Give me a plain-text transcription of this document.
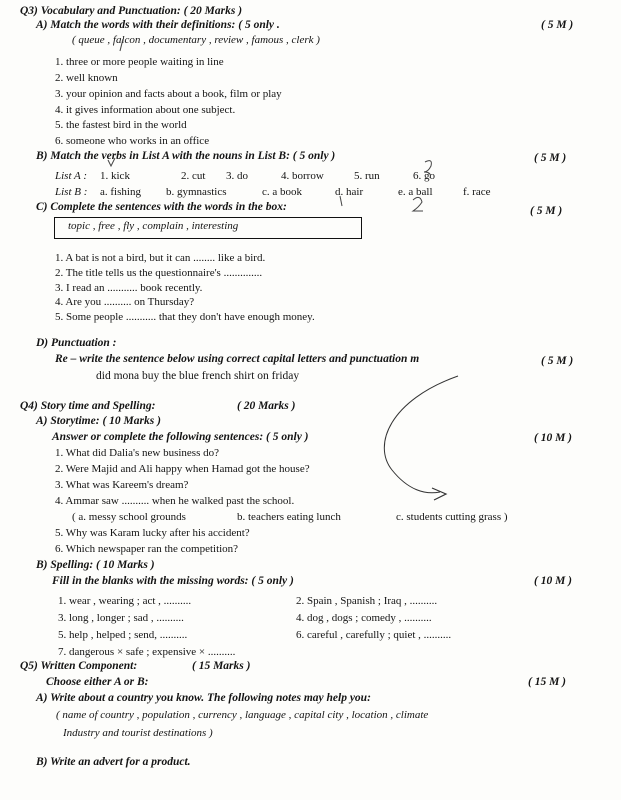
Q3) Vocabulary and Punctuation: ( 20 Marks )
A) Match the words with their definitions: ( 5 only .	( 5 M )
( queue , falcon , documentary , review , famous , clerk )
1. three or more people waiting in line
2. well known
3. your opinion and facts about a book, film or play
4. it gives information about one subject.
5. the fastest bird in the world
6. someone who works in an office
B) Match the verbs in List A with the nouns in List B: ( 5 only )	( 5 M )
List A : 1. kick	2. cut 3. do	4. borrow	5. run	6. go
List B : a. fishing b. gymnastics	c. a book	d. hair	e. a ball	f. race
C) Complete the sentences with the words in the box:	( 5 M )
topic , free , fly , complain , interesting
1. A bat is not a bird, but it can ........ like a bird.
2. The title tells us the questionnaire's ..............
3. I read an ........... book recently.
4. Are you .......... on Thursday?
5. Some people ........... that they don't have enough money.
D) Punctuation :
Re – write the sentence below using correct capital letters and punctuation m	( 5 M )
did mona buy the blue french shirt on friday
Q4) Story time and Spelling:	( 20 Marks )
A) Storytime: ( 10 Marks )
Answer or complete the following sentences: ( 5 only )	( 10 M )
1. What did Dalia's new business do?
2. Were Majid and Ali happy when Hamad got the house?
3. What was Kareem's dream?
4. Ammar saw .......... when he walked past the school.
( a. messy school grounds	b. teachers eating lunch	c. students cutting grass )
5. Why was Karam lucky after his accident?
6. Which newspaper ran the competition?
B) Spelling: ( 10 Marks )
Fill in the blanks with the missing words: ( 5 only )	( 10 M )
1. wear , wearing ; act , ..........	2. Spain , Spanish ; Iraq , ..........
3. long , longer ; sad , ..........	4. dog , dogs ; comedy , ..........
5. help , helped ; send, ..........	6. careful , carefully ; quiet , ..........
7. dangerous × safe ; expensive × ..........
Q5) Written Component:	( 15 Marks )
Choose either A or B:	( 15 M )
A) Write about a country you know. The following notes may help you:
( name of country , population , currency , language , capital city , location , climate
Industry and tourist destinations )
B) Write an advert for a product.
